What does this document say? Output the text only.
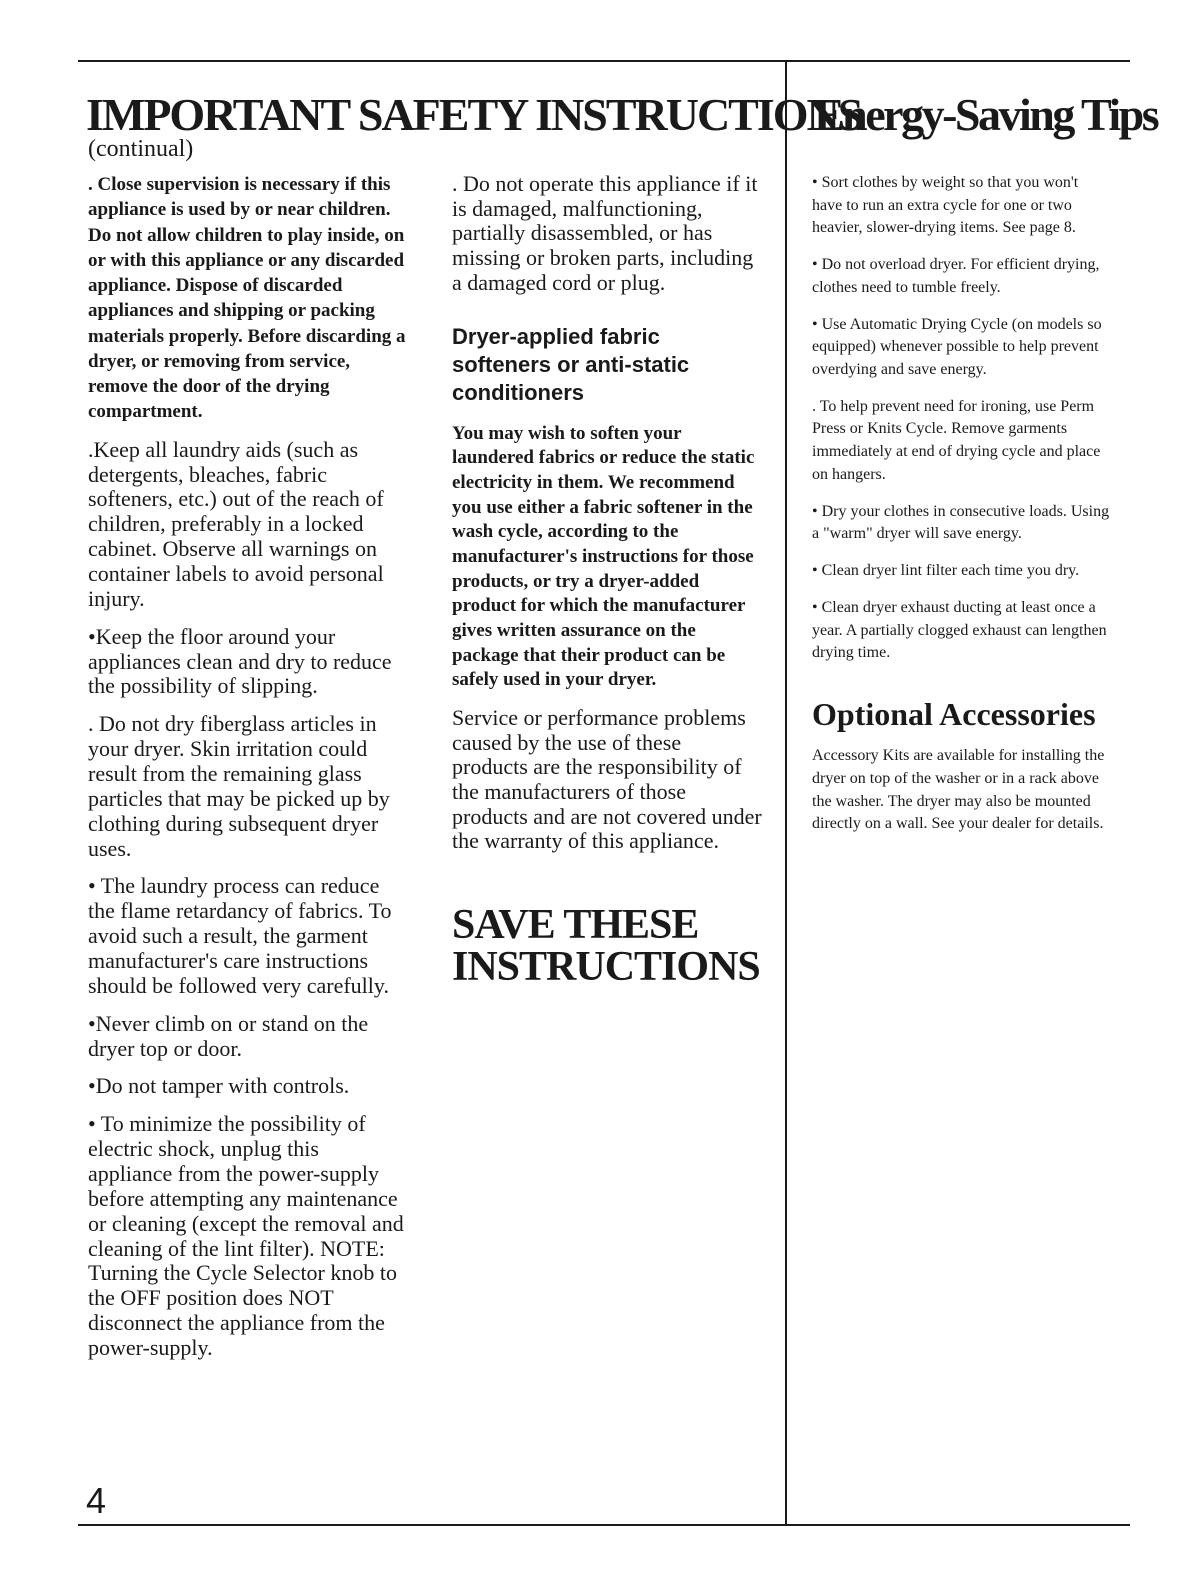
IMPORTANT SAFETY INSTRUCTIONS
(continual)
Energy-Saving Tips

. Close supervision is necessary if this appliance is used by or near children. Do not allow children to play inside, on or with this appliance or any discarded appliance. Dispose of discarded appliances and shipping or packing materials properly. Before discarding a dryer, or removing from service, remove the door of the drying compartment.

.Keep all laundry aids (such as detergents, bleaches, fabric softeners, etc.) out of the reach of children, preferably in a locked cabinet. Observe all warnings on container labels to avoid personal injury.

•Keep the floor around your appliances clean and dry to reduce the possibility of slipping.

. Do not dry fiberglass articles in your dryer. Skin irritation could result from the remaining glass particles that may be picked up by clothing during subsequent dryer uses.

• The laundry process can reduce the flame retardancy of fabrics. To avoid such a result, the garment manufacturer's care instructions should be followed very carefully.

•Never climb on or stand on the dryer top or door.

•Do not tamper with controls.

• To minimize the possibility of electric shock, unplug this appliance from the power-supply before attempting any maintenance or cleaning (except the removal and cleaning of the lint filter). NOTE: Turning the Cycle Selector knob to the OFF position does NOT disconnect the appliance from the power-supply.

. Do not operate this appliance if it is damaged, malfunctioning, partially disassembled, or has missing or broken parts, including a damaged cord or plug.

Dryer-applied fabric softeners or anti-static conditioners

You may wish to soften your laundered fabrics or reduce the static electricity in them. We recommend you use either a fabric softener in the wash cycle, according to the manufacturer's instructions for those products, or try a dryer-added product for which the manufacturer gives written assurance on the package that their product can be safely used in your dryer.

Service or performance problems caused by the use of these products are the responsibility of the manufacturers of those products and are not covered under the warranty of this appliance.

SAVE THESE
INSTRUCTIONS

• Sort clothes by weight so that you won't have to run an extra cycle for one or two heavier, slower-drying items. See page 8.

• Do not overload dryer. For efficient drying, clothes need to tumble freely.

• Use Automatic Drying Cycle (on models so equipped) whenever possible to help prevent overdying and save energy.

. To help prevent need for ironing, use Perm Press or Knits Cycle. Remove garments immediately at end of drying cycle and place on hangers.

• Dry your clothes in consecutive loads. Using a "warm" dryer will save energy.

• Clean dryer lint filter each time you dry.

• Clean dryer exhaust ducting at least once a year. A partially clogged exhaust can lengthen drying time.

Optional Accessories

Accessory Kits are available for installing the dryer on top of the washer or in a rack above the washer. The dryer may also be mounted directly on a wall. See your dealer for details.

4
